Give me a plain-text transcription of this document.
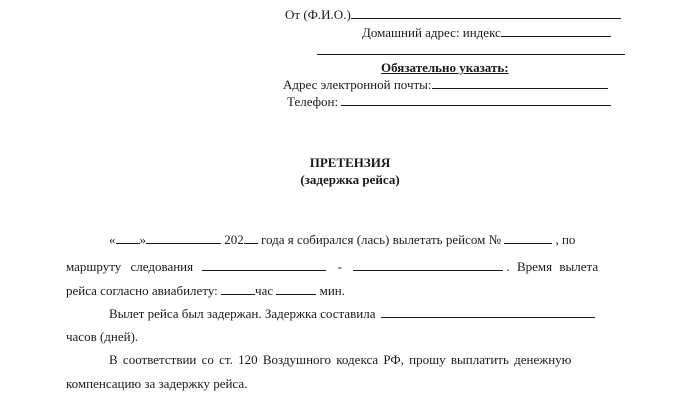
От (Ф.И.О.)
Домашний адрес: индекс
Обязательно указать:
Адрес электронной почты:
Телефон:
ПРЕТЕНЗИЯ
(задержка рейса)
« »	202 года я собирался (лась) вылетать рейсом №	, по
маршруту следования	-	. Время вылета
рейса согласно авиабилету:	час	мин.
Вылет рейса был задержан. Задержка составила
часов (дней).
В соответствии со ст. 120 Воздушного кодекса РФ, прошу выплатить денежную
компенсацию за задержку рейса.
